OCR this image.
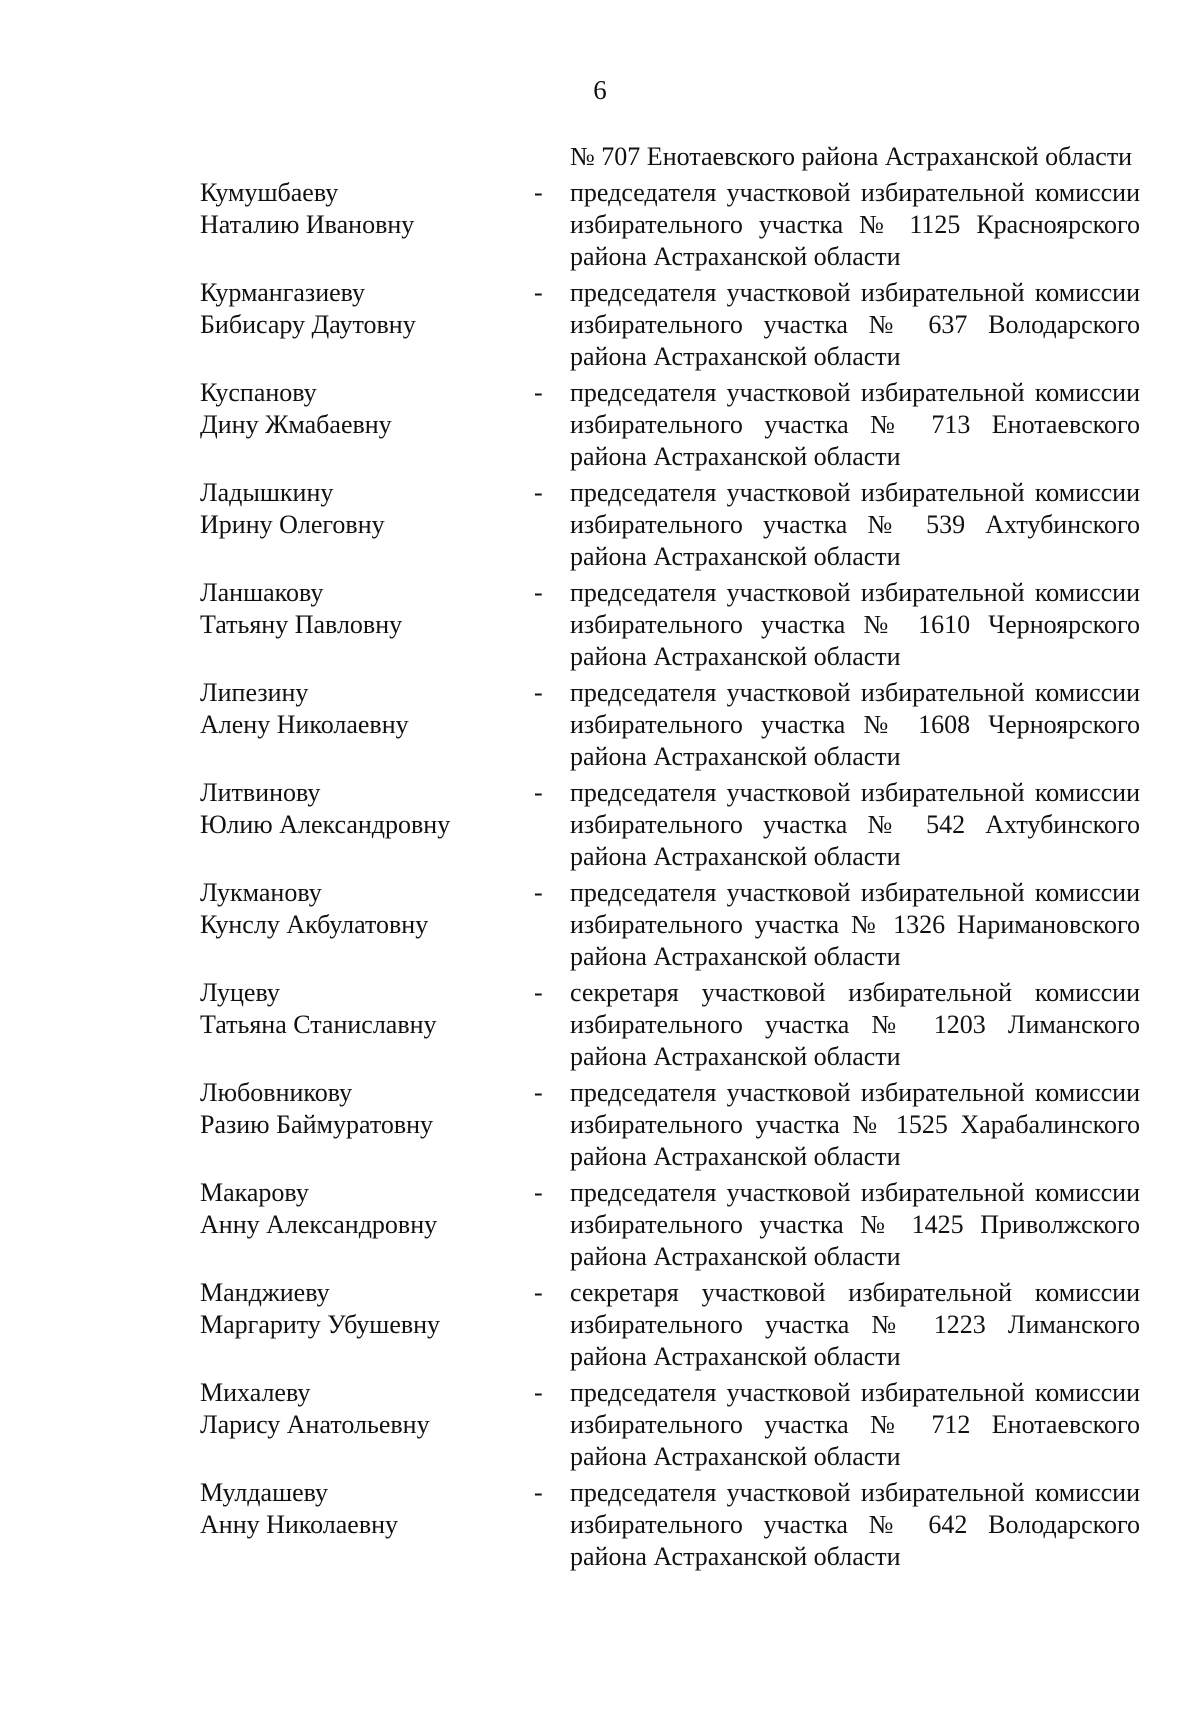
6
№ 707 Енотаевского района Астраханской области
Кумушбаеву
Наталию Ивановну
-	председателя участковой избирательной комиссии избирательного участка № 1125 Красноярского района Астраханской области
Курмангазиеву
Бибисару Даутовну
-	председателя участковой избирательной комиссии избирательного участка № 637 Володарского района Астраханской области
Куспанову
Дину Жмабаевну
-	председателя участковой избирательной комиссии избирательного участка № 713 Енотаевского района Астраханской области
Ладышкину
Ирину Олеговну
-	председателя участковой избирательной комиссии избирательного участка № 539 Ахтубинского района Астраханской области
Ланшакову
Татьяну Павловну
-	председателя участковой избирательной комиссии избирательного участка № 1610 Черноярского района Астраханской области
Липезину
Алену Николаевну
-	председателя участковой избирательной комиссии избирательного участка № 1608 Черноярского района Астраханской области
Литвинову
Юлию Александровну
-	председателя участковой избирательной комиссии избирательного участка № 542 Ахтубинского района Астраханской области
Лукманову
Кунслу Акбулатовну
-	председателя участковой избирательной комиссии избирательного участка № 1326 Наримановского района Астраханской области
Луцеву
Татьяна Станиславну
-	секретаря участковой избирательной комиссии избирательного участка № 1203 Лиманского района Астраханской области
Любовникову
Разию Баймуратовну
-	председателя участковой избирательной комиссии избирательного участка № 1525 Харабалинского района Астраханской области
Макарову
Анну Александровну
-	председателя участковой избирательной комиссии избирательного участка № 1425 Приволжского района Астраханской области
Манджиеву
Маргариту Убушевну
-	секретаря участковой избирательной комиссии избирательного участка № 1223 Лиманского района Астраханской области
Михалеву
Ларису Анатольевну
-	председателя участковой избирательной комиссии избирательного участка № 712 Енотаевского района Астраханской области
Мулдашеву
Анну Николаевну
-	председателя участковой избирательной комиссии избирательного участка № 642 Володарского района Астраханской области
